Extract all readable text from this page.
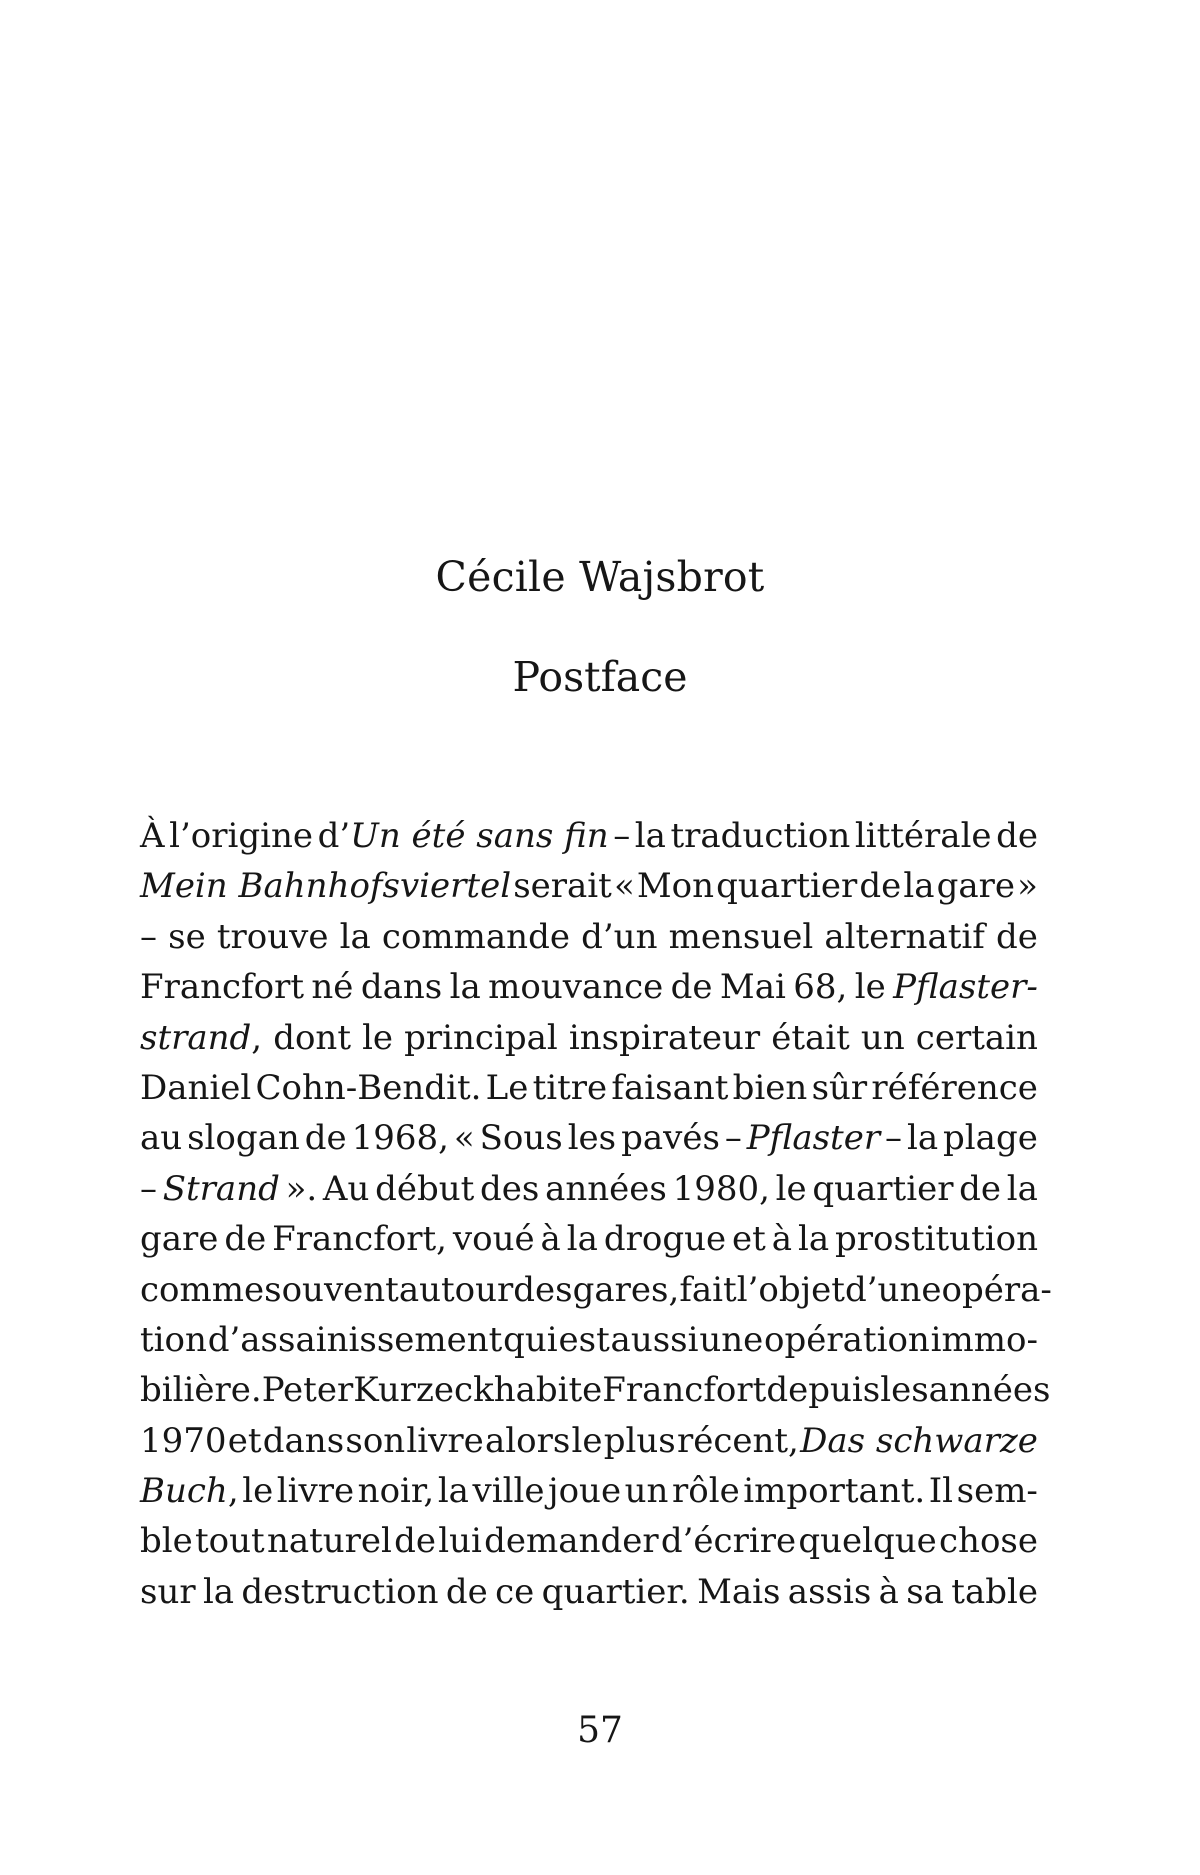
Cécile Wajsbrot
Postface
À l’origine d’Un été sans fin – la traduction littérale de
Mein Bahnhofsviertel serait « Mon quartier de la gare »
– se trouve la commande d’un mensuel alternatif de
Francfort né dans la mouvance de Mai 68, le Pflaster-
strand, dont le principal inspirateur était un certain
Daniel Cohn-Bendit. Le titre faisant bien sûr référence
au slogan de 1968, « Sous les pavés – Pflaster – la plage
– Strand ». Au début des années 1980, le quartier de la
gare de Francfort, voué à la drogue et à la prostitution
comme souvent autour des gares, fait l’objet d’une opéra-
tion d’assainissement qui est aussi une opération immo-
bilière. Peter Kurzeck habite Francfort depuis les années
1970 et dans son livre alors le plus récent, Das schwarze
Buch, le livre noir, la ville joue un rôle important. Il sem-
ble tout naturel de lui demander d’écrire quelque chose
sur la destruction de ce quartier. Mais assis à sa table
57
